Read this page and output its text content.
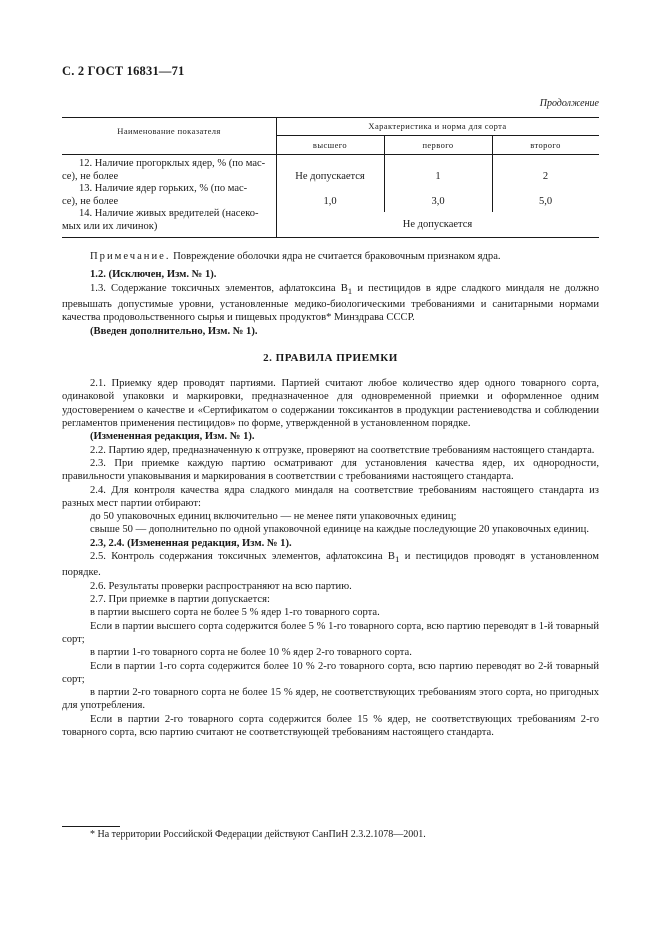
С. 2 ГОСТ 16831—71
Продолжение
Наименование показателя	Характеристика и норма для сорта
высшего	первого	второго
12. Наличие прогорклых ядер, % (по мас-
се), не более	Не допускается	1	2
13. Наличие ядер горьких, % (по мас-
се), не более	1,0	3,0	5,0
14. Наличие живых вредителей (насеко-
мых или их личинок)	Не допускается

Примечание. Повреждение оболочки ядра не считается браковочным признаком ядра.

1.2. (Исключен, Изм. № 1).

1.3. Содержание токсичных элементов, афлатоксина $B_1$ и пестицидов в ядре сладкого миндаля не должно превышать допустимые уровни, установленные медико-биологическими требованиями и санитарными нормами качества продовольственного сырья и пищевых продуктов* Минздрава СССР.

(Введен дополнительно, Изм. № 1).

2. ПРАВИЛА ПРИЕМКИ

2.1. Приемку ядер проводят партиями. Партией считают любое количество ядер одного товарного сорта, одинаковой упаковки и маркировки, предназначенное для одновременной приемки и оформленное одним удостоверением о качестве и «Сертификатом о содержании токсикантов в продукции растениеводства и соблюдении регламентов применения пестицидов» по форме, утвержденной в установленном порядке.

(Измененная редакция, Изм. № 1).

2.2. Партию ядер, предназначенную к отгрузке, проверяют на соответствие требованиям настоящего стандарта.

2.3. При приемке каждую партию осматривают для установления качества ядер, их однородности, правильности упаковывания и маркирования в соответствии с требованиями настоящего стандарта.

2.4. Для контроля качества ядра сладкого миндаля на соответствие требованиям настоящего стандарта из разных мест партии отбирают:

до 50 упаковочных единиц включительно — не менее пяти упаковочных единиц;

свыше 50 — дополнительно по одной упаковочной единице на каждые последующие 20 упаковочных единиц.

2.3, 2.4. (Измененная редакция, Изм. № 1).

2.5. Контроль содержания токсичных элементов, афлатоксина $B_1$ и пестицидов проводят в установленном порядке.

2.6. Результаты проверки распространяют на всю партию.

2.7. При приемке в партии допускается:

в партии высшего сорта не более 5 % ядер 1-го товарного сорта.

Если в партии высшего сорта содержится более 5 % 1-го товарного сорта, всю партию переводят в 1-й товарный сорт;

в партии 1-го товарного сорта не более 10 % ядер 2-го товарного сорта.

Если в партии 1-го сорта содержится более 10 % 2-го товарного сорта, всю партию переводят во 2-й товарный сорт;

в партии 2-го товарного сорта не более 15 % ядер, не соответствующих требованиям этого сорта, но пригодных для употребления.

Если в партии 2-го товарного сорта содержится более 15 % ядер, не соответствующих требованиям 2-го товарного сорта, всю партию считают не соответствующей требованиям настоящего стандарта.

* На территории Российской Федерации действуют СанПиН 2.3.2.1078—2001.
